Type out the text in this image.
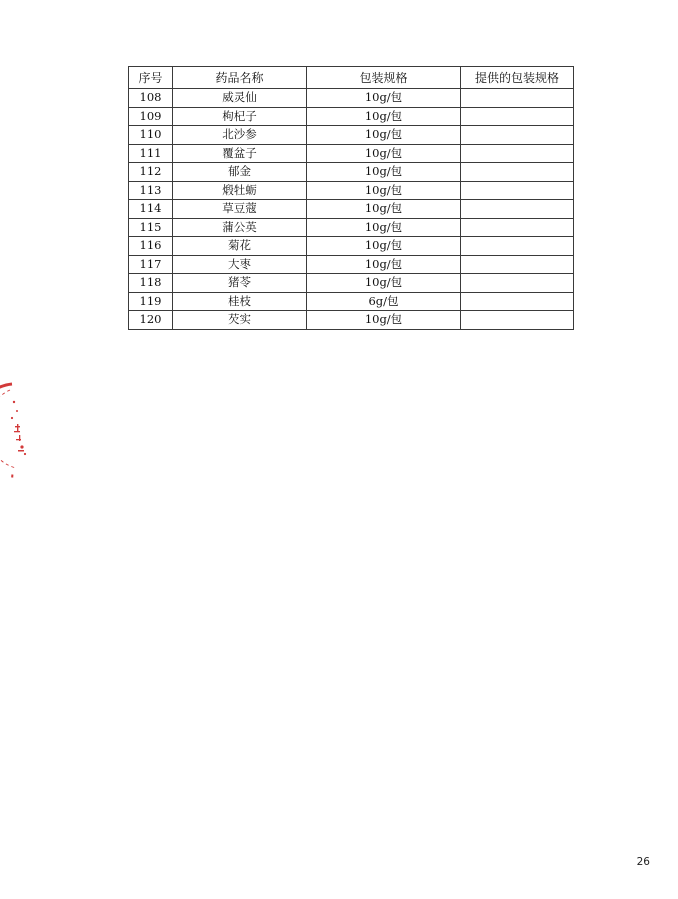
序号	药品名称	包装规格	提供的包装规格
108	威灵仙	10g/包	
109	枸杞子	10g/包	
110	北沙参	10g/包	
111	覆盆子	10g/包	
112	郁金	10g/包	
113	煅牡蛎	10g/包	
114	草豆蔻	10g/包	
115	蒲公英	10g/包	
116	菊花	10g/包	
117	大枣	10g/包	
118	猪苓	10g/包	
119	桂枝	6g/包	
120	芡实	10g/包	
26
